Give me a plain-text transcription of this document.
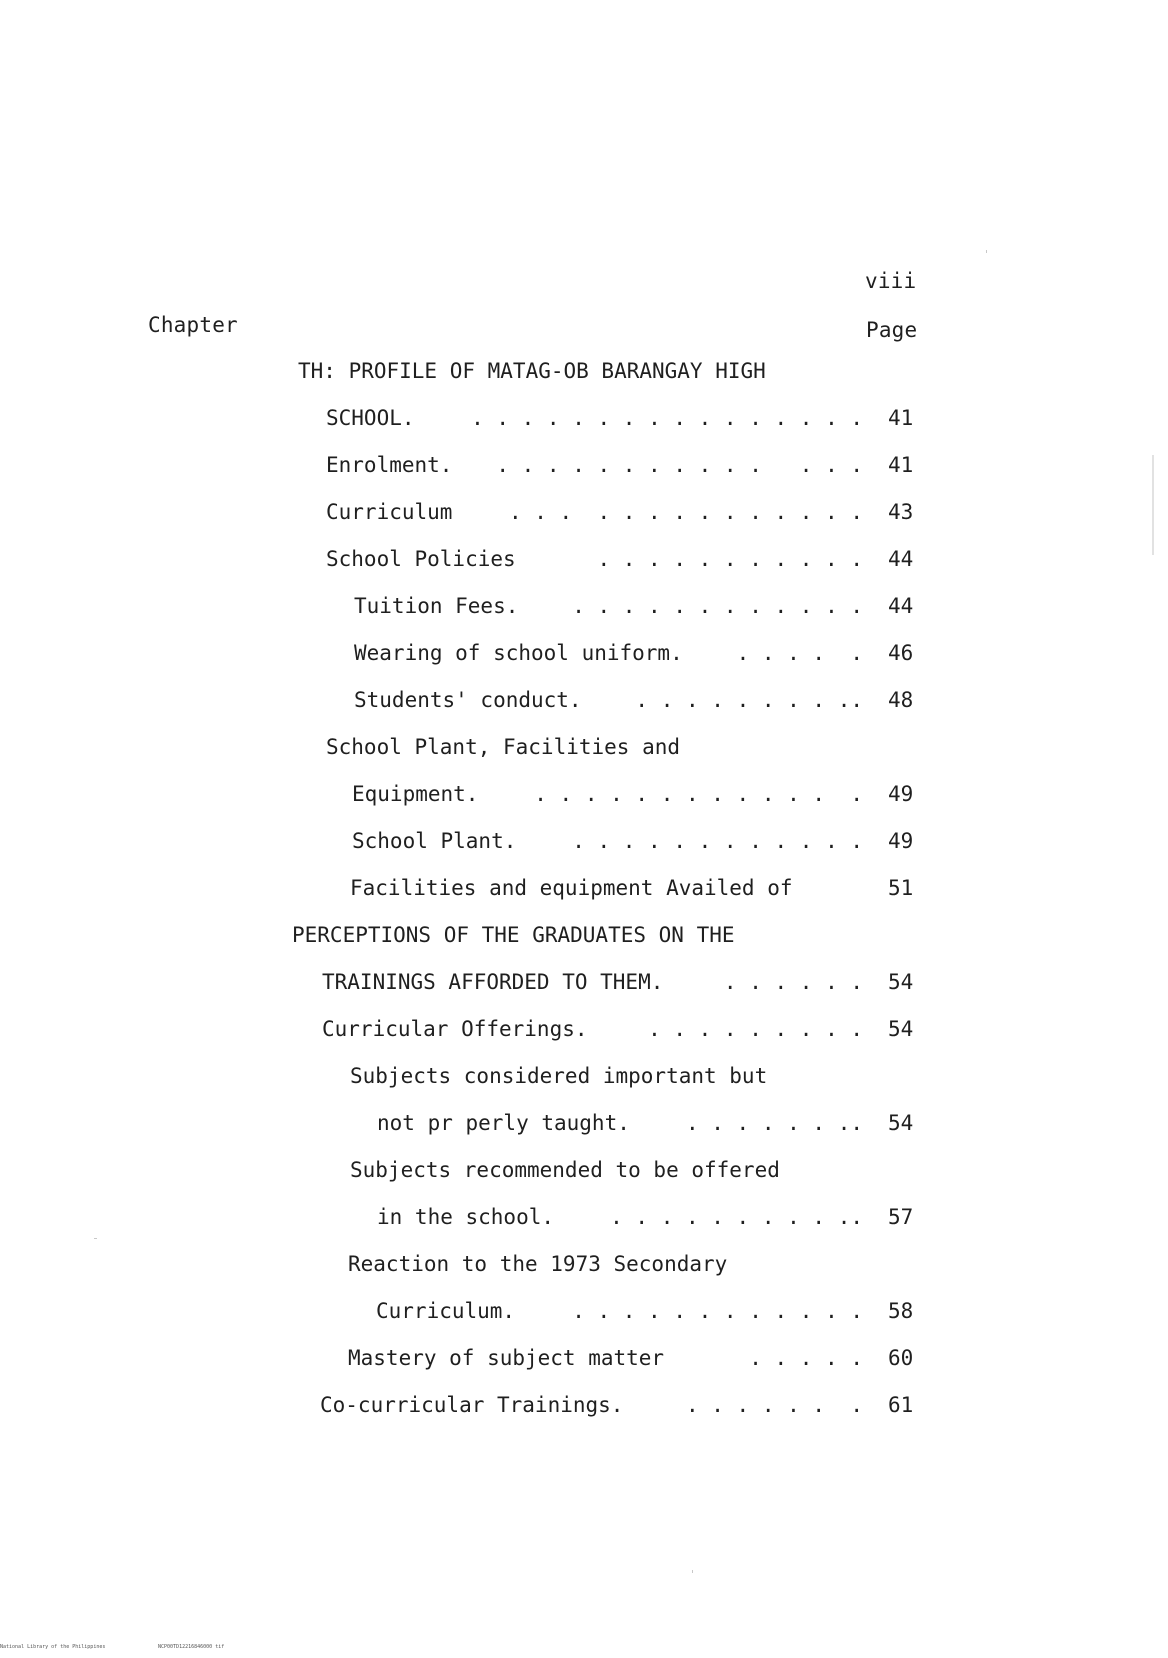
viii
Chapter	Page
TH: PROFILE OF MATAG-OB BARANGAY HIGH
SCHOOL.	. . . . . . . . . . . . . . . . 41
Enrolment. . . . . . . . . . . .   . . . 41
Curriculum	. . .  . . . . . . . . . . . 43
School Policies	. . . . . . . . . . . 44
Tuition Fees.	. . . . . . . . . . . . 44
Wearing of school uniform.	. . . .  . 46
Students' conduct.	. . . . . . . . .. 48
School Plant, Facilities and
Equipment.	. . . . . . . . . . . .  . 49
School Plant.	. . . . . . . . . . . . 49
Facilities and equipment Availed of	51
PERCEPTIONS OF THE GRADUATES ON THE
TRAININGS AFFORDED TO THEM.	. . . . . . 54
Curricular Offerings.	. . . . . . . . . 54
Subjects considered important but
not pr perly taught.	. . . . . . .. 54
Subjects recommended to be offered
in the school.	. . . . . . . . . .. 57
Reaction to the 1973 Secondary
Curriculum.	. . . . . . . . . . . . 58
Mastery of subject matter	. . . . . 60
Co-curricular Trainings.	. . . . . .  . 61
National Library of the Philippines	NCP00TD12216846000 tif
